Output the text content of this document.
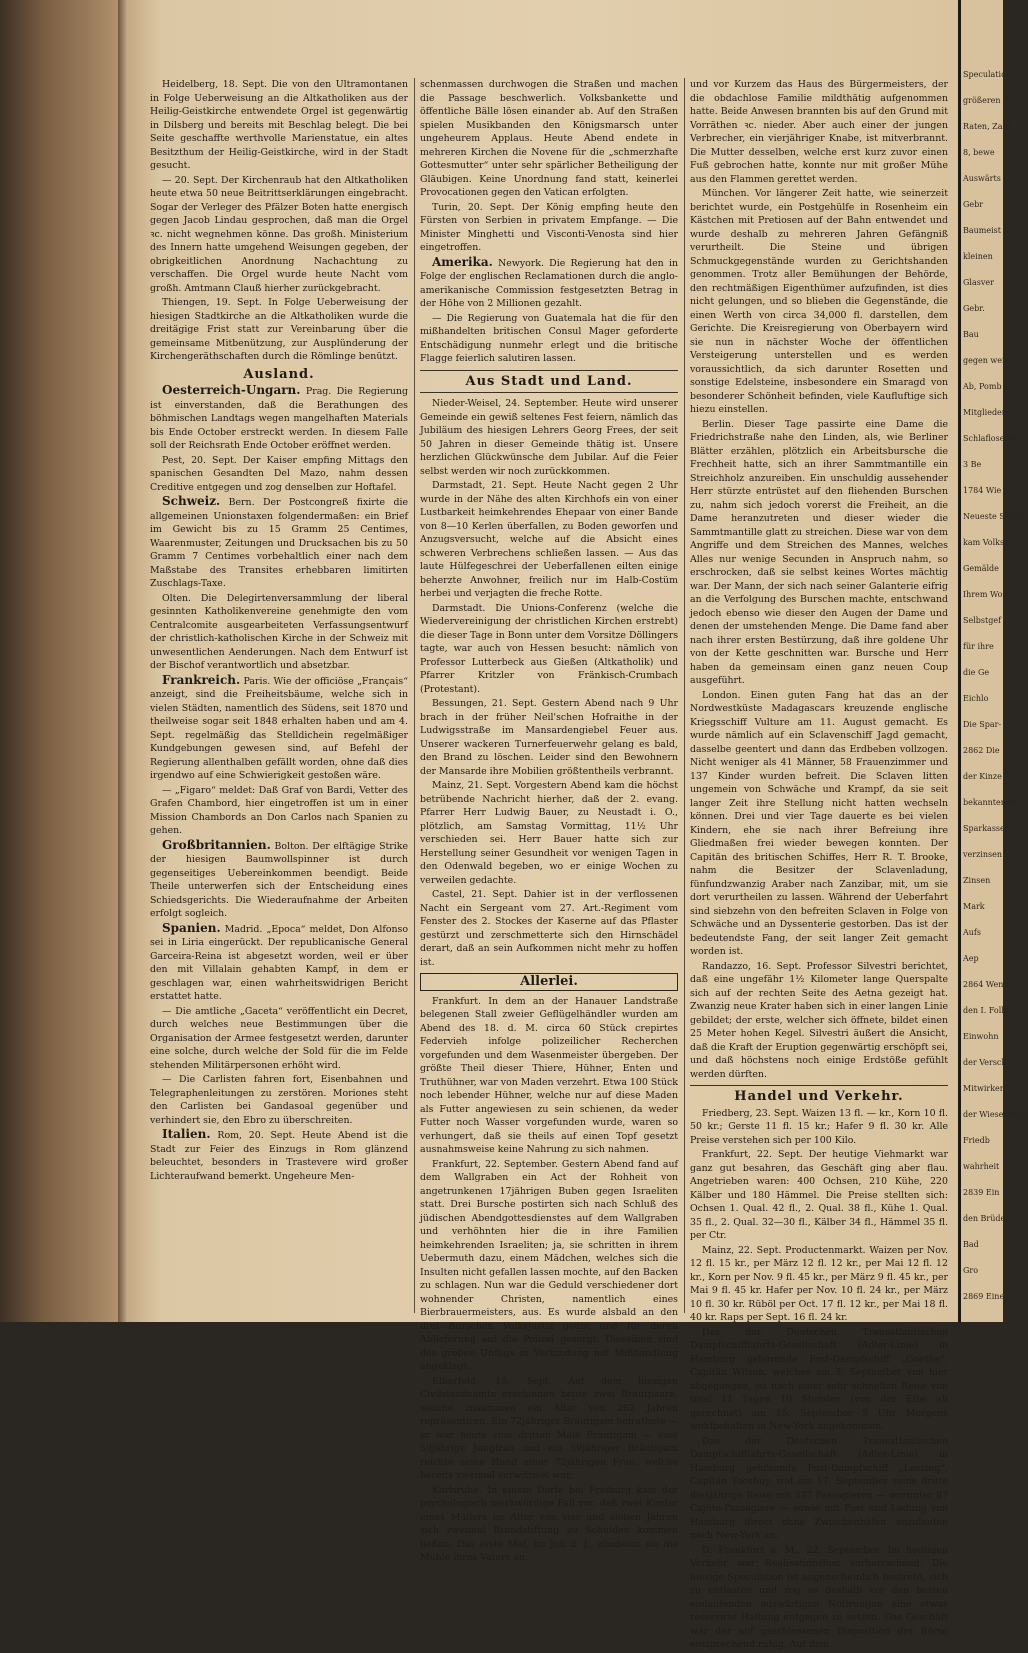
Heidelberg, 18. Sept. Die von den Ultramontanen in Folge Ueberweisung an die Altkatholiken aus der Heilig-Geistkirche entwendete Orgel ist gegenwärtig in Dilsberg und bereits mit Beschlag belegt. Die bei Seite geschaffte werthvolle Marienstatue, ein altes Besitzthum der Heilig-Geistkirche, wird in der Stadt gesucht.

— 20. Sept. Der Kirchenraub hat den Altkatholiken heute etwa 50 neue Beitrittserklärungen eingebracht. Sogar der Verleger des Pfälzer Boten hatte energisch gegen Jacob Lindau gesprochen, daß man die Orgel ꝛc. nicht wegnehmen könne. Das großh. Ministerium des Innern hatte umgehend Weisungen gegeben, der obrigkeitlichen Anordnung Nachachtung zu verschaffen. Die Orgel wurde heute Nacht vom großh. Amtmann Clauß hierher zurückgebracht.

Thiengen, 19. Sept. In Folge Ueberweisung der hiesigen Stadtkirche an die Altkatholiken wurde die dreitägige Frist statt zur Vereinbarung über die gemeinsame Mitbenützung, zur Ausplünderung der Kirchengeräthschaften durch die Römlinge benützt.

Ausland.

Oesterreich-Ungarn. Prag. Die Regierung ist einverstanden, daß die Berathungen des böhmischen Landtags wegen mangelhaften Materials bis Ende October erstreckt werden. In diesem Falle soll der Reichsrath Ende October eröffnet werden.

Pest, 20. Sept. Der Kaiser empfing Mittags den spanischen Gesandten Del Mazo, nahm dessen Creditive entgegen und zog denselben zur Hoftafel.

Schweiz. Bern. Der Postcongreß fixirte die allgemeinen Unionstaxen folgendermaßen: ein Brief im Gewicht bis zu 15 Gramm 25 Centimes, Waarenmuster, Zeitungen und Drucksachen bis zu 50 Gramm 7 Centimes vorbehaltlich einer nach dem Maßstabe des Transites erhebbaren limitirten Zuschlags-Taxe.

Olten. Die Delegirtenversammlung der liberal gesinnten Katholikenvereine genehmigte den vom Centralcomite ausgearbeiteten Verfassungsentwurf der christlich-katholischen Kirche in der Schweiz mit unwesentlichen Aenderungen. Nach dem Entwurf ist der Bischof verantwortlich und absetzbar.

Frankreich. Paris. Wie der officiöse „Français“ anzeigt, sind die Freiheitsbäume, welche sich in vielen Städten, namentlich des Südens, seit 1870 und theilweise sogar seit 1848 erhalten haben und am 4. Sept. regelmäßig das Stelldichein regelmäßiger Kundgebungen gewesen sind, auf Befehl der Regierung allenthalben gefällt worden, ohne daß dies irgendwo auf eine Schwierigkeit gestoßen wäre.

— „Figaro“ meldet: Daß Graf von Bardi, Vetter des Grafen Chambord, hier eingetroffen ist um in einer Mission Chambords an Don Carlos nach Spanien zu gehen.

Großbritannien. Bolton. Der elftägige Strike der hiesigen Baumwollspinner ist durch gegenseitiges Uebereinkommen beendigt. Beide Theile unterwerfen sich der Entscheidung eines Schiedsgerichts. Die Wiederaufnahme der Arbeiten erfolgt sogleich.

Spanien. Madrid. „Epoca“ meldet, Don Alfonso sei in Liria eingerückt. Der republicanische General Garceira-Reina ist abgesetzt worden, weil er über den mit Villalain gehabten Kampf, in dem er geschlagen war, einen wahrheitswidrigen Bericht erstattet hatte.

— Die amtliche „Gaceta“ veröffentlicht ein Decret, durch welches neue Bestimmungen über die Organisation der Armee festgesetzt werden, darunter eine solche, durch welche der Sold für die im Felde stehenden Militärpersonen erhöht wird.

— Die Carlisten fahren fort, Eisenbahnen und Telegraphenleitungen zu zerstören. Moriones steht den Carlisten bei Gandasoal gegenüber und verhindert sie, den Ebro zu überschreiten.

Italien. Rom, 20. Sept. Heute Abend ist die Stadt zur Feier des Einzugs in Rom glänzend beleuchtet, besonders in Trastevere wird großer Lichteraufwand bemerkt. Ungeheure Men-

schenmassen durchwogen die Straßen und machen die Passage beschwerlich. Volksbankette und öffentliche Bälle lösen einander ab. Auf den Straßen spielen Musikbanden den Königsmarsch unter ungeheurem Applaus. Heute Abend endete in mehreren Kirchen die Novene für die „schmerzhafte Gottesmutter“ unter sehr spärlicher Betheiligung der Gläubigen. Keine Unordnung fand statt, keinerlei Provocationen gegen den Vatican erfolgten.

Turin, 20. Sept. Der König empfing heute den Fürsten von Serbien in privatem Empfange. — Die Minister Minghetti und Visconti-Venosta sind hier eingetroffen.

Amerika. Newyork. Die Regierung hat den in Folge der englischen Reclamationen durch die anglo-amerikanische Commission festgesetzten Betrag in der Höhe von 2 Millionen gezahlt.

— Die Regierung von Guatemala hat die für den mißhandelten britischen Consul Mager geforderte Entschädigung nunmehr erlegt und die britische Flagge feierlich salutiren lassen.

Aus Stadt und Land.

Nieder-Weisel, 24. September. Heute wird unserer Gemeinde ein gewiß seltenes Fest feiern, nämlich das Jubiläum des hiesigen Lehrers Georg Frees, der seit 50 Jahren in dieser Gemeinde thätig ist. Unsere herzlichen Glückwünsche dem Jubilar. Auf die Feier selbst werden wir noch zurückkommen.

Darmstadt, 21. Sept. Heute Nacht gegen 2 Uhr wurde in der Nähe des alten Kirchhofs ein von einer Lustbarkeit heimkehrendes Ehepaar von einer Bande von 8—10 Kerlen überfallen, zu Boden geworfen und Anzugsversucht, welche auf die Absicht eines schweren Verbrechens schließen lassen. — Aus das laute Hülfegeschrei der Ueberfallenen eilten einige beherzte Anwohner, freilich nur im Halb-Costüm herbei und verjagten die freche Rotte.

Darmstadt. Die Unions-Conferenz (welche die Wiedervereinigung der christlichen Kirchen erstrebt) die dieser Tage in Bonn unter dem Vorsitze Döllingers tagte, war auch von Hessen besucht: nämlich von Professor Lutterbeck aus Gießen (Altkatholik) und Pfarrer Kritzler von Fränkisch-Crumbach (Protestant).

Bessungen, 21. Sept. Gestern Abend nach 9 Uhr brach in der früher Neil'schen Hofraithe in der Ludwigsstraße im Mansardengiebel Feuer aus. Unserer wackeren Turnerfeuerwehr gelang es bald, den Brand zu löschen. Leider sind den Bewohnern der Mansarde ihre Mobilien größtentheils verbrannt.

Mainz, 21. Sept. Vorgestern Abend kam die höchst betrübende Nachricht hierher, daß der 2. evang. Pfarrer Herr Ludwig Bauer, zu Neustadt i. O., plötzlich, am Samstag Vormittag, 11½ Uhr verschieden sei. Herr Bauer hatte sich zur Herstellung seiner Gesundheit vor wenigen Tagen in den Odenwald begeben, wo er einige Wochen zu verweilen gedachte.

Castel, 21. Sept. Dahier ist in der verflossenen Nacht ein Sergeant vom 27. Art.-Regiment vom Fenster des 2. Stockes der Kaserne auf das Pflaster gestürzt und zerschmetterte sich den Hirnschädel derart, daß an sein Aufkommen nicht mehr zu hoffen ist.

Allerlei.

Frankfurt. In dem an der Hanauer Landstraße belegenen Stall zweier Geflügelhändler wurden am Abend des 18. d. M. circa 60 Stück crepirtes Federvieh infolge polizeilicher Recherchen vorgefunden und dem Wasenmeister übergeben. Der größte Theil dieser Thiere, Hühner, Enten und Truthühner, war von Maden verzehrt. Etwa 100 Stück noch lebender Hühner, welche nur auf diese Maden als Futter angewiesen zu sein schienen, da weder Futter noch Wasser vorgefunden wurde, waren so verhungert, daß sie theils auf einen Topf gesetzt ausnahmsweise keine Nahrung zu sich nahmen.

Frankfurt, 22. September. Gestern Abend fand auf dem Wallgraben ein Act der Rohheit von angetrunkenen 17jährigen Buben gegen Israeliten statt. Drei Bursche postirten sich nach Schluß des jüdischen Abendgottesdienstes auf dem Wallgraben und verhöhnten hier die in ihre Familien heimkehrenden Israeliten; ja, sie schritten in ihrem Uebermuth dazu, einem Mädchen, welches sich die Insulten nicht gefallen lassen mochte, auf den Backen zu schlagen. Nun war die Geduld verschiedener dort wohnender Christen, namentlich eines Bierbrauermeisters, aus. Es wurde alsbald an den drei Burschen Volksjustiz geübt und für deren Ablieferung auf die Polizei gesorgt. Dieselben sind des groben Unfugs in Verbindung mit Mißhandlung angeklagt.

Elberfeld, 15. Sept. Auf dem hiesigen Civilstandsamte erschienen heute zwei Brautpaare, welche zusammen ein Alter von 262 Jahren repräsentiren. Ein 72jähriger Bräutigam heirathete — er war heute zum dritten Male Bräutigam — eine 59jährige Jungfrau und ein 59jähriger Bräutigam reichte seine Hand einer 72jährigen Frau, welche bereits zweimal verwittwet war.

Karlsruhe. In einem Dorfe bei Freiburg kam der psychologisch merkwürdige Fall vor, daß zwei Kinder eines Müllers im Alter von vier und sieben Jahren sich zweimal Brandstiftung zu Schulden kommen ließen. Das erste Mal, im Juli d. J., zündeten sie die Mühle ihres Vaters an,

und vor Kurzem das Haus des Bürgermeisters, der die obdachlose Familie mildthätig aufgenommen hatte. Beide Anwesen brannten bis auf den Grund mit Vorräthen ꝛc. nieder. Aber auch einer der jungen Verbrecher, ein vierjähriger Knabe, ist mitverbrannt. Die Mutter desselben, welche erst kurz zuvor einen Fuß gebrochen hatte, konnte nur mit großer Mühe aus den Flammen gerettet werden.

München. Vor längerer Zeit hatte, wie seinerzeit berichtet wurde, ein Postgehülfe in Rosenheim ein Kästchen mit Pretiosen auf der Bahn entwendet und wurde deshalb zu mehreren Jahren Gefängniß verurtheilt. Die Steine und übrigen Schmuckgegenstände wurden zu Gerichtshanden genommen. Trotz aller Bemühungen der Behörde, den rechtmäßigen Eigenthümer aufzufinden, ist dies nicht gelungen, und so blieben die Gegenstände, die einen Werth von circa 34,000 fl. darstellen, dem Gerichte. Die Kreisregierung von Oberbayern wird sie nun in nächster Woche der öffentlichen Versteigerung unterstellen und es werden voraussichtlich, da sich darunter Rosetten und sonstige Edelsteine, insbesondere ein Smaragd von besonderer Schönheit befinden, viele Kaufluftige sich hiezu einstellen.

Berlin. Dieser Tage passirte eine Dame die Friedrichstraße nahe den Linden, als, wie Berliner Blätter erzählen, plötzlich ein Arbeitsbursche die Frechheit hatte, sich an ihrer Sammtmantille ein Streichholz anzureiben. Ein unschuldig aussehender Herr stürzte entrüstet auf den fliehenden Burschen zu, nahm sich jedoch vorerst die Freiheit, an die Dame heranzutreten und dieser wieder die Sammtmantille glatt zu streichen. Diese war von dem Angriffe und dem Streichen des Mannes, welches Alles nur wenige Secunden in Anspruch nahm, so erschrocken, daß sie selbst keines Wortes mächtig war. Der Mann, der sich nach seiner Galanterie eifrig an die Verfolgung des Burschen machte, entschwand jedoch ebenso wie dieser den Augen der Dame und denen der umstehenden Menge. Die Dame fand aber nach ihrer ersten Bestürzung, daß ihre goldene Uhr von der Kette geschnitten war. Bursche und Herr haben da gemeinsam einen ganz neuen Coup ausgeführt.

London. Einen guten Fang hat das an der Nordwestküste Madagascars kreuzende englische Kriegsschiff Vulture am 11. August gemacht. Es wurde nämlich auf ein Sclavenschiff Jagd gemacht, dasselbe geentert und dann das Erdbeben vollzogen. Nicht weniger als 41 Männer, 58 Frauenzimmer und 137 Kinder wurden befreit. Die Sclaven litten ungemein von Schwäche und Krampf, da sie seit langer Zeit ihre Stellung nicht hatten wechseln können. Drei und vier Tage dauerte es bei vielen Kindern, ehe sie nach ihrer Befreiung ihre Gliedmaßen frei wieder bewegen konnten. Der Capitän des britischen Schiffes, Herr R. T. Brooke, nahm die Besitzer der Sclavenladung, fünfundzwanzig Araber nach Zanzibar, mit, um sie dort verurtheilen zu lassen. Während der Ueberfahrt sind siebzehn von den befreiten Sclaven in Folge von Schwäche und an Dyssenterie gestorben. Das ist der bedeutendste Fang, der seit langer Zeit gemacht worden ist.

Randazzo, 16. Sept. Professor Silvestri berichtet, daß eine ungefähr 1½ Kilometer lange Querspalte sich auf der rechten Seite des Aetna gezeigt hat. Zwanzig neue Krater haben sich in einer langen Linie gebildet; der erste, welcher sich öffnete, bildet einen 25 Meter hohen Kegel. Silvestri äußert die Ansicht, daß die Kraft der Eruption gegenwärtig erschöpft sei, und daß höchstens noch einige Erdstöße gefühlt werden dürften.

Handel und Verkehr.

Friedberg, 23. Sept. Waizen 13 fl. — kr., Korn 10 fl. 50 kr.; Gerste 11 fl. 15 kr.; Hafer 9 fl. 30 kr. Alle Preise verstehen sich per 100 Kilo.

Frankfurt, 22. Sept. Der heutige Viehmarkt war ganz gut besahren, das Geschäft ging aber flau. Angetrieben waren: 400 Ochsen, 210 Kühe, 220 Kälber und 180 Hämmel. Die Preise stellten sich: Ochsen 1. Qual. 42 fl., 2. Qual. 38 fl., Kühe 1. Qual. 35 fl., 2. Qual. 32—30 fl., Kälber 34 fl., Hämmel 35 fl. per Ctr.

Mainz, 22. Sept. Productenmarkt. Waizen per Nov. 12 fl. 15 kr., per März 12 fl. 12 kr., per Mai 12 fl. 12 kr., Korn per Nov. 9 fl. 45 kr., per März 9 fl. 45 kr., per Mai 9 fl. 45 kr. Hafer per Nov. 10 fl. 24 kr., per März 10 fl. 30 kr. Rüböl per Oct. 17 fl. 12 kr., per Mai 18 fl. 40 kr. Raps per Sept. 16 fl. 24 kr.

Das der Deutschen Transatlantischen Dampfschifffahrts-Gesellschaft (Adler-Linie) in Hamburg gehörende Post-Dampfschiff „Goethe“, Capitän Wilson, welches am 3. September von hier abgegangen, ist nach einer sehr schnellen Reise von total 11 Tagen 10 Stunden (von der Elbe ab gerechnet) am 15. September 5 Uhr Morgens wohlbehalten in New-York angekommen.

Das der Deutschen Transatlantischen Dampfschifffahrts-Gesellschaft (Adler-Linie) in Hamburg gehörende Post-Dampfschiff „Lessing“, Capitän Toosbuy, trat am 17. September seine dritte diesjährige Reise mit 337 Passagieren — worunter 87 Cajüte-Passagiere — sowie mit Post und Ladung von Hamburg direct ohne Zwischenhäfen anzulaufen nach New-York an.

D. Frankfurt a. M., 22. September. Im heutigen Verkehr war Realisationslust vorherrschend. Die hiesige Speculation ist augenscheinlich bestrebt, sich zu entlasten und zog es deshalb vor den besten einlaufenden auswärtigen Notirungen eine etwas reservirte Haltung entgegen zu setzen. Das Geschäft war der auf geschlossenen Disposition der Börse entsprechend ruhig. Auf dem

Speculation
größeren B
Raten, Zahl
8, bewe
Auswärts
Gebr
Baumeist
kleinen
Glasver
Gebr.
Bau
gegen weite
Ab, Pomb
Mitglieder
Schlaflosenki
3 Be
1784 Wie
Neueste Schläf
kam Volkson
Gemälde
Ihrem Worte
Selbstgef
für ihre
die Ge
Eichlo
Die Spar-
2862 Die
der Kinze
bekannten Mi
Sparkasse
verzinsen
Zinsen
Mark
Aufs
Aep
2864 Wenn
den I. Folle
Einwohn
der Versch
Mitwirken
der Wiesenbach
Friedb
wahrheit
2839 Ein
den Brüder
Bad
Gro
2869 Eine
